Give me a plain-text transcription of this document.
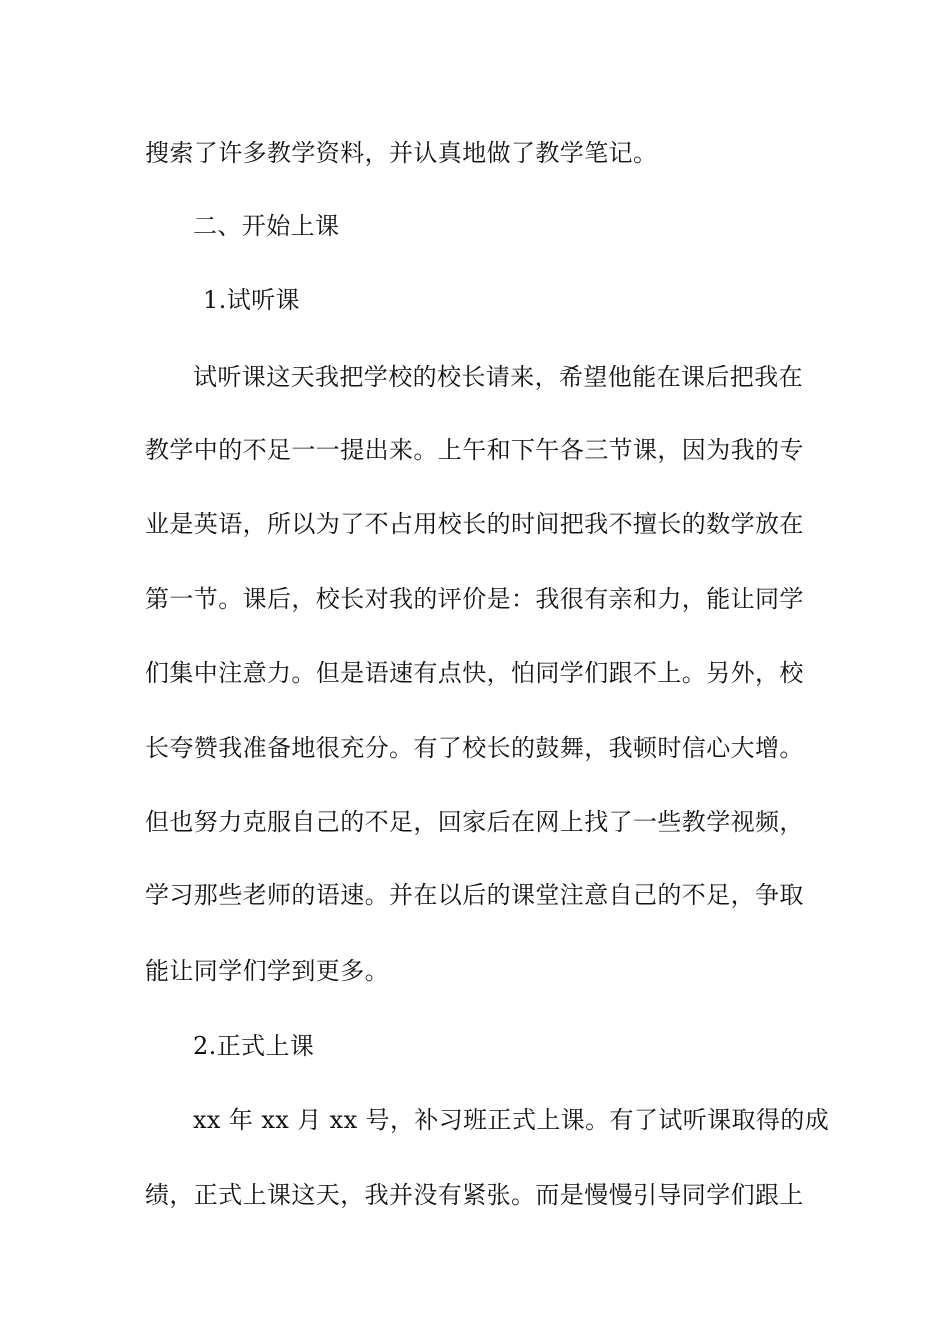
搜索了许多教学资料，并认真地做了教学笔记。
二、开始上课
1.试听课
试听课这天我把学校的校长请来，希望他能在课后把我在
教学中的不足一一提出来。上午和下午各三节课，因为我的专
业是英语，所以为了不占用校长的时间把我不擅长的数学放在
第一节。课后，校长对我的评价是：我很有亲和力，能让同学
们集中注意力。但是语速有点快，怕同学们跟不上。另外，校
长夸赞我准备地很充分。有了校长的鼓舞，我顿时信心大增。
但也努力克服自己的不足，回家后在网上找了一些教学视频，
学习那些老师的语速。并在以后的课堂注意自己的不足，争取
能让同学们学到更多。
2.正式上课
xx 年 xx 月 xx 号，补习班正式上课。有了试听课取得的成
绩，正式上课这天，我并没有紧张。而是慢慢引导同学们跟上
